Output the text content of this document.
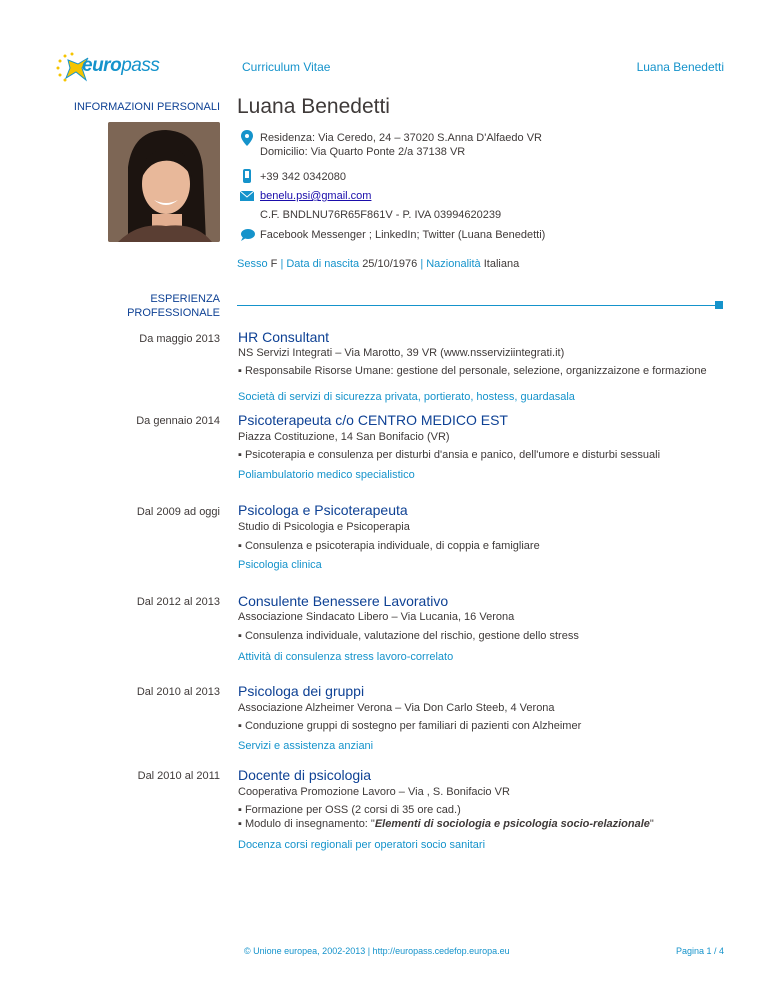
europass	Curriculum Vitae	Luana Benedetti
INFORMAZIONI PERSONALI Luana Benedetti
Residenza: Via Ceredo, 24 – 37020 S.Anna D'Alfaedo VR
Domicilio: Via Quarto Ponte 2/a 37138 VR
+39 342 0342080
benelu.psi@gmail.com
C.F. BNDLNU76R65F861V - P. IVA 03994620239
Facebook Messenger ; LinkedIn; Twitter (Luana Benedetti)
Sesso F | Data di nascita 25/10/1976 | Nazionalità Italiana
ESPERIENZA
PROFESSIONALE
Da maggio 2013 HR Consultant
NS Servizi Integrati – Via Marotto, 39 VR (www.nsserviziintegrati.it)
▪ Responsabile Risorse Umane: gestione del personale, selezione, organizzaizone e formazione
Società di servizi di sicurezza privata, portierato, hostess, guardasala
Da gennaio 2014 Psicoterapeuta c/o CENTRO MEDICO EST
Piazza Costituzione, 14 San Bonifacio (VR)
▪ Psicoterapia e consulenza per disturbi d'ansia e panico, dell'umore e disturbi sessuali
Poliambulatorio medico specialistico
Dal 2009 ad oggi Psicologa e Psicoterapeuta
Studio di Psicologia e Psicoperapia
▪ Consulenza e psicoterapia individuale, di coppia e famigliare
Psicologia clinica
Dal 2012 al 2013 Consulente Benessere Lavorativo
Associazione Sindacato Libero – Via Lucania, 16 Verona
▪ Consulenza individuale, valutazione del rischio, gestione dello stress
Attività di consulenza stress lavoro-correlato
Dal 2010 al 2013 Psicologa dei gruppi
Associazione Alzheimer Verona – Via Don Carlo Steeb, 4 Verona
▪ Conduzione gruppi di sostegno per familiari di pazienti con Alzheimer
Servizi e assistenza anziani
Dal 2010 al 2011 Docente di psicologia
Cooperativa Promozione Lavoro – Via , S. Bonifacio VR
▪ Formazione per OSS (2 corsi di 35 ore cad.)
▪ Modulo di insegnamento: "Elementi di sociologia e psicologia socio-relazionale"
Docenza corsi regionali per operatori socio sanitari
© Unione europea, 2002-2013 | http://europass.cedefop.europa.eu	Pagina 1 / 4
